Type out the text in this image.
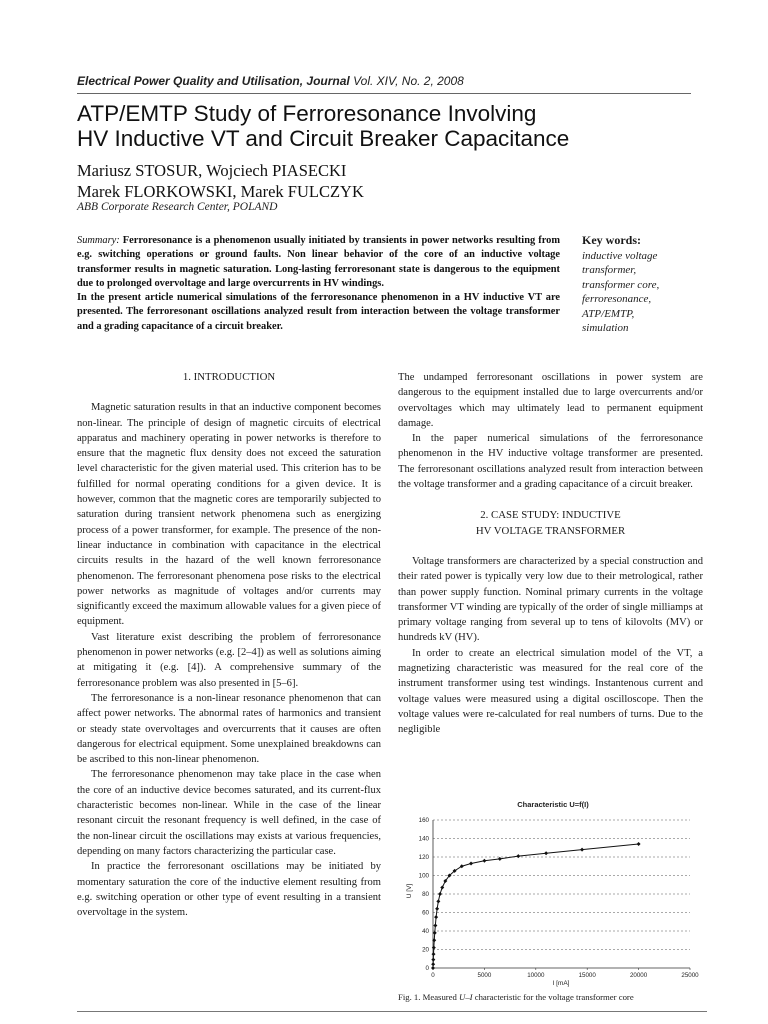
Electrical Power Quality and Utilisation, Journal Vol. XIV, No. 2, 2008
ATP/EMTP Study of Ferroresonance Involving
HV Inductive VT and Circuit Breaker Capacitance
Mariusz STOSUR, Wojciech PIASECKI
Marek FLORKOWSKI, Marek FULCZYK
ABB Corporate Research Center, POLAND

Summary: Ferroresonance is a phenomenon usually initiated by transients in power networks resulting from e.g. switching operations or ground faults. Non linear behavior of the core of an inductive voltage transformer results in magnetic saturation. Long-lasting ferroresonant state is dangerous to the equipment due to prolonged overvoltage and large overcurrents in HV windings.

In the present article numerical simulations of the ferroresonance phenomenon in a HV inductive VT are presented. The ferroresonant oscillations analyzed result from interaction between the voltage transformer and a grading capacitance of a circuit breaker.

Key words:
inductive voltage
transformer,
transformer core,
ferroresonance,
ATP/EMTP,
simulation
1. INTRODUCTION

Magnetic saturation results in that an inductive component becomes non-linear. The principle of design of magnetic circuits of electrical apparatus and machinery operating in power networks is therefore to ensure that the magnetic flux density does not exceed the saturation level characteristic for the given material used. This criterion has to be fulfilled for normal operating conditions for a given device. It is however, common that the magnetic cores are temporarily subjected to saturation during transient network phenomena such as energizing process of a power transformer, for example. The presence of the non-linear inductance in combination with capacitance in the electrical circuits results in the hazard of the well known ferroresonance phenomenon. The ferroresonant phenomena pose risks to the electrical power networks as magnitude of voltages and/or currents may significantly exceed the maximum allowable values for a given piece of equipment.

Vast literature exist describing the problem of ferroresonance phenomenon in power networks (e.g. [2–4]) as well as solutions aiming at mitigating it (e.g. [4]). A comprehensive summary of the ferroresonance problem was also presented in [5–6].

The ferroresonance is a non-linear resonance phenomenon that can affect power networks. The abnormal rates of harmonics and transient or steady state overvoltages and overcurrents that it causes are often dangerous for electrical equipment. Some unexplained breakdowns can be ascribed to this non-linear phenomenon.

The ferroresonance phenomenon may take place in the case when the core of an inductive device becomes saturated, and its current-flux characteristic becomes non-linear. While in the case of the linear resonant circuit the resonant frequency is well defined, in the case of the non-linear circuit the oscillations may exists at various frequencies, depending on many factors characterizing the particular case.

In practice the ferroresonant oscillations may be initiated by momentary saturation the core of the inductive element resulting from e.g. switching operation or other type of event resulting in a transient overvoltage in the system.

The undamped ferroresonant oscillations in power system are dangerous to the equipment installed due to large overcurrents and/or overvoltages which may ultimately lead to permanent equipment damage.

In the paper numerical simulations of the ferroresonance phenomenon in the HV inductive voltage transformer are presented. The ferroresonant oscillations analyzed result from interaction between the voltage transformer and a grading capacitance of a circuit breaker.

2. CASE STUDY: INDUCTIVE
HV VOLTAGE TRANSFORMER

Voltage transformers are characterized by a special construction and their rated power is typically very low due to their metrological, rather than power supply function. Nominal primary currents in the voltage transformer VT winding are typically of the order of single milliamps at primary voltage ranging from several up to tens of kilovolts (MV) or hundreds kV (HV).

In order to create an electrical simulation model of the VT, a magnetizing characteristic was measured for the real core of the instrument transformer using test windings. Instantenous current and voltage values were measured using a digital oscilloscope. Then the voltage values were re-calculated for real numbers of turns. Due to the negligible

Characteristic U=f(I)
0
20
40
60
80
100
120
140
160
0	5000	10000	15000	20000	25000
U [V]
I [mA]
Fig. 1. Measured U–I characteristic for the voltage transformer core
